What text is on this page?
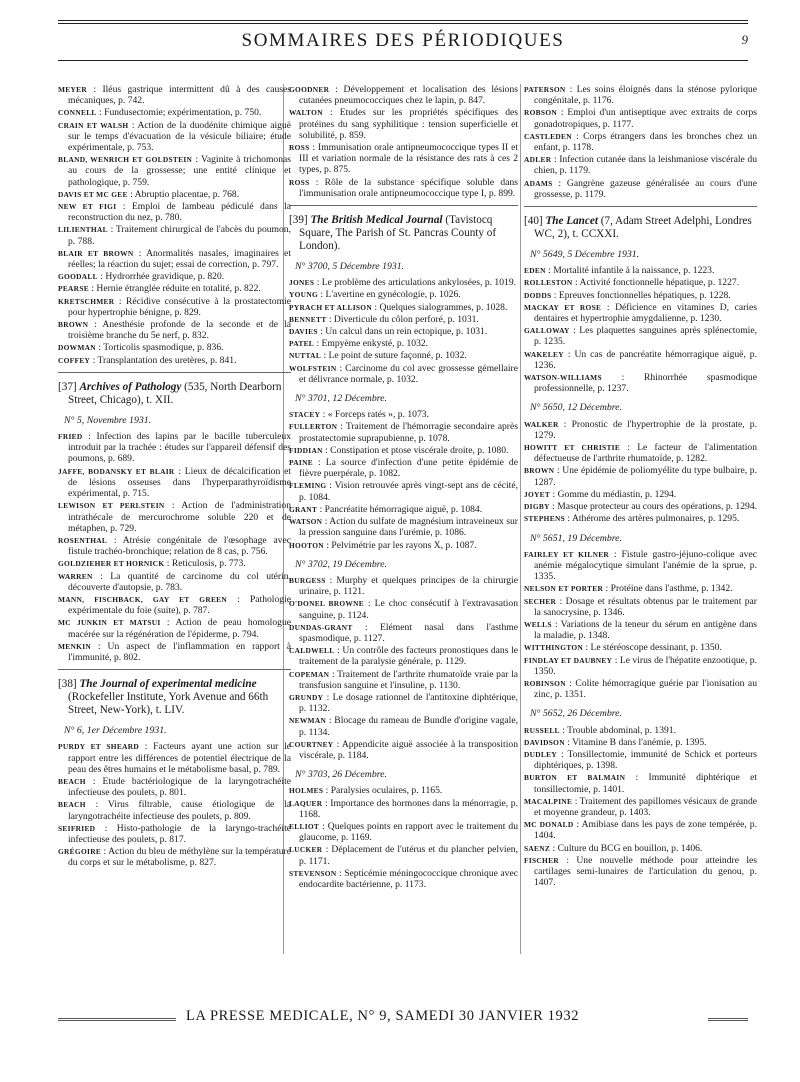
SOMMAIRES DES PÉRIODIQUES	9

MEYER : Iléus gastrique intermittent dû à des causes mécaniques, p. 742.

CONNELL : Fundusectomie; expérimentation, p. 750.

CRAIN ET WALSH : Action de la duodénite chimique aiguë sur le temps d'évacuation de la vésicule biliaire; étude expérimentale, p. 753.

BLAND, WENRICH ET GOLDSTEIN : Vaginite à trichomonas au cours de la grossesse; une entité clinique et pathologique, p. 759.

DAVIS ET MC GEE : Abruptio placentae, p. 768.

NEW ET FIGI : Emploi de lambeau pédiculé dans la reconstruction du nez, p. 780.

LILIENTHAL : Traitement chirurgical de l'abcès du poumon, p. 788.

BLAIR ET BROWN : Anormalités nasales, imaginaires et réelles; la réaction du sujet; essai de correction, p. 797.

GOODALL : Hydrorrhée gravidique, p. 820.

PEARSE : Hernie étranglée réduite en totalité, p. 822.

KRETSCHMER : Récidive consécutive à la prostatectomie pour hypertrophie bénigne, p. 829.

BROWN : Anesthésie profonde de la seconde et de la troisième branche du 5e nerf, p. 832.

DOWMAN : Torticolis spasmodique, p. 836.

COFFEY : Transplantation des uretères, p. 841.

[37] Archives of Pathology (535, North Dearborn Street, Chicago), t. XII.
N° 5, Novembre 1931.

FRIED : Infection des lapins par le bacille tuberculeux introduit par la trachée : études sur l'appareil défensif des poumons, p. 689.

JAFFE, BODANSKY ET BLAIR : Lieux de décalcification et de lésions osseuses dans l'hyperparathyroïdisme expérimental, p. 715.

LEWISON ET PERLSTEIN : Action de l'administration intrathécale de mercurochrome soluble 220 et de métaphen, p. 729.

ROSENTHAL : Atrésie congénitale de l'œsophage avec fistule trachéo-bronchique; relation de 8 cas, p. 756.

GOLDZIEHER ET HORNICK : Reticulosis, p. 773.

WARREN : La quantité de carcinome du col utérin, découverte d'autopsie, p. 783.

MANN, FISCHBACK, GAY ET GREEN : Pathologie expérimentale du foie (suite), p. 787.

MC JUNKIN ET MATSUI : Action de peau homologue macérée sur la régénération de l'épiderme, p. 794.

MENKIN : Un aspect de l'inflammation en rapport à l'immunité, p. 802.

[38] The Journal of experimental medicine (Rockefeller Institute, York Avenue and 66th Street, New-York), t. LIV.
N° 6, 1er Décembre 1931.

PURDY ET SHEARD : Facteurs ayant une action sur le rapport entre les différences de potentiel électrique de la peau des êtres humains et le métabolisme basal, p. 789.

BEACH : Etude bactériologique de la laryngotrachéite infectieuse des poulets, p. 801.

BEACH : Virus filtrable, cause étiologique de la laryngotrachéite infectieuse des poulets, p. 809.

SEIFRIED : Histo-pathologie de la laryngo-trachéite infectieuse des poulets, p. 817.

GRÉGOIRE : Action du bleu de méthylène sur la température du corps et sur le métabolisme, p. 827.

GOODNER : Développement et localisation des lésions cutanées pneumococciques chez le lapin, p. 847.

WALTON : Etudes sur les propriétés spécifiques des protéines du sang syphilitique : tension superficielle et solubilité, p. 859.

ROSS : Immunisation orale antipneumococcique types II et III et variation normale de la résistance des rats à ces 2 types, p. 875.

ROSS : Rôle de la substance spécifique soluble dans l'immunisation orale antipneumococcique type I, p. 899.

[39] The British Medical Journal (Tavistocq Square, The Parish of St. Pancras County of London).
N° 3700, 5 Décembre 1931.

JONES : Le problème des articulations ankylosées, p. 1019.

YOUNG : L'avertine en gynécologie, p. 1026.

PYRACH ET ALLISON : Quelques sialogrammes, p. 1028.

BENNETT : Diverticule du côlon perforé, p. 1031.

DAVIES : Un calcul dans un rein ectopique, p. 1031.

PATEL : Empyème enkysté, p. 1032.

NUTTAL : Le point de suture façonné, p. 1032.

WOLFSTEIN : Carcinome du col avec grossesse gémellaire et délivrance normale, p. 1032.

N° 3701, 12 Décembre.

STACEY : « Forceps ratés », p. 1073.

FULLERTON : Traitement de l'hémorragie secondaire après prostatectomie suprapubienne, p. 1078.

FIDDIAN : Constipation et ptose viscérale droite, p. 1080.

PAINE : La source d'infection d'une petite épidémie de fièvre puerpérale, p. 1082.

FLEMING : Vision retrouvée après vingt-sept ans de cécité, p. 1084.

GRANT : Pancréatite hémorragique aiguë, p. 1084.

WATSON : Action du sulfate de magnésium intraveineux sur la pression sanguine dans l'urémie, p. 1086.

HOOTON : Pelvimétrie par les rayons X, p. 1087.

N° 3702, 19 Décembre.

BURGESS : Murphy et quelques principes de la chirurgie urinaire, p. 1121.

O'DONEL BROWNE : Le choc consécutif à l'extravasation sanguine, p. 1124.

DUNDAS-GRANT : Elément nasal dans l'asthme spasmodique, p. 1127.

CALDWELL : Un contrôle des facteurs pronostiques dans le traitement de la paralysie générale, p. 1129.

COPEMAN : Traitement de l'arthrite rhumatoïde vraie par la transfusion sanguine et l'insuline, p. 1130.

GRUNDY : Le dosage rationnel de l'antitoxine diphtérique, p. 1132.

NEWMAN : Blocage du rameau de Bundle d'origine vagale, p. 1134.

COURTNEY : Appendicite aiguë associée à la transposition viscérale, p. 1184.

N° 3703, 26 Décembre.

HOLMES : Paralysies oculaires, p. 1165.

LAQUER : Importance des hormones dans la ménorragie, p. 1168.

ELLIOT : Quelques points en rapport avec le traitement du glaucome, p. 1169.

LUCKER : Déplacement de l'utérus et du plancher pelvien, p. 1171.

STEVENSON : Septicémie méningococcique chronique avec endocardite bactérienne, p. 1173.

PATERSON : Les soins éloignés dans la sténose pylorique congénitale, p. 1176.

ROBSON : Emploi d'un antiseptique avec extraits de corps gonadotropiques, p. 1177.

CASTLEDEN : Corps étrangers dans les bronches chez un enfant, p. 1178.

ADLER : Infection cutanée dans la leishmaniose viscérale du chien, p. 1179.

ADAMS : Gangrène gazeuse généralisée au cours d'une grossesse, p. 1179.

[40] The Lancet (7, Adam Street Adelphi, Londres WC, 2), t. CCXXI.
N° 5649, 5 Décembre 1931.

EDEN : Mortalité infantile à la naissance, p. 1223.

ROLLESTON : Activité fonctionnelle hépatique, p. 1227.

DODDS : Epreuves fonctionnelles hépatiques, p. 1228.

MACKAY ET ROSE : Déficience en vitamines D, caries dentaires et hypertrophie amygdalienne, p. 1230.

GALLOWAY : Les plaquettes sanguines après splénectomie, p. 1235.

WAKELEY : Un cas de pancréatite hémorragique aiguë, p. 1236.

WATSON-WILLIAMS : Rhinorrhée spasmodique professionnelle, p. 1237.

N° 5650, 12 Décembre.

WALKER : Pronostic de l'hypertrophie de la prostate, p. 1279.

HOWITT ET CHRISTIE : Le facteur de l'alimentation défectueuse de l'arthrite rhumatoïde, p. 1282.

BROWN : Une épidémie de poliomyélite du type bulbaire, p. 1287.

JOYET : Gomme du médiastin, p. 1294.

DIGBY : Masque protecteur au cours des opérations, p. 1294.

STEPHENS : Athérome des artères pulmonaires, p. 1295.

N° 5651, 19 Décembre.

FAIRLEY ET KILNER : Fistule gastro-jéjuno-colique avec anémie mégalocytique simulant l'anémie de la sprue, p. 1335.

NELSON ET PORTER : Protéine dans l'asthme, p. 1342.

SECHER : Dosage et résultats obtenus par le traitement par la sanocrysine, p. 1346.

WELLS : Variations de la teneur du sérum en antigène dans la maladie, p. 1348.

WITTHINGTON : Le stéréoscope dessinant, p. 1350.

FINDLAY ET DAUBNEY : Le virus de l'hépatite enzootique, p. 1350.

ROBINSON : Colite hémorragique guérie par l'ionisation au zinc, p. 1351.

N° 5652, 26 Décembre.

RUSSELL : Trouble abdominal, p. 1391.

DAVIDSON : Vitamine B dans l'anémie, p. 1395.

DUDLEY : Tonsillectomie, immunité de Schick et porteurs diphtériques, p. 1398.

BURTON ET BALMAIN : Immunité diphtérique et tonsillectomie, p. 1401.

MACALPINE : Traitement des papillomes vésicaux de grande et moyenne grandeur, p. 1403.

MC DONALD : Amibiase dans les pays de zone tempérée, p. 1404.

SAENZ : Culture du BCG en bouillon, p. 1406.

FISCHER : Une nouvelle méthode pour atteindre les cartilages semi-lunaires de l'articulation du genou, p. 1407.

LA PRESSE MEDICALE, N° 9, SAMEDI 30 JANVIER 1932
